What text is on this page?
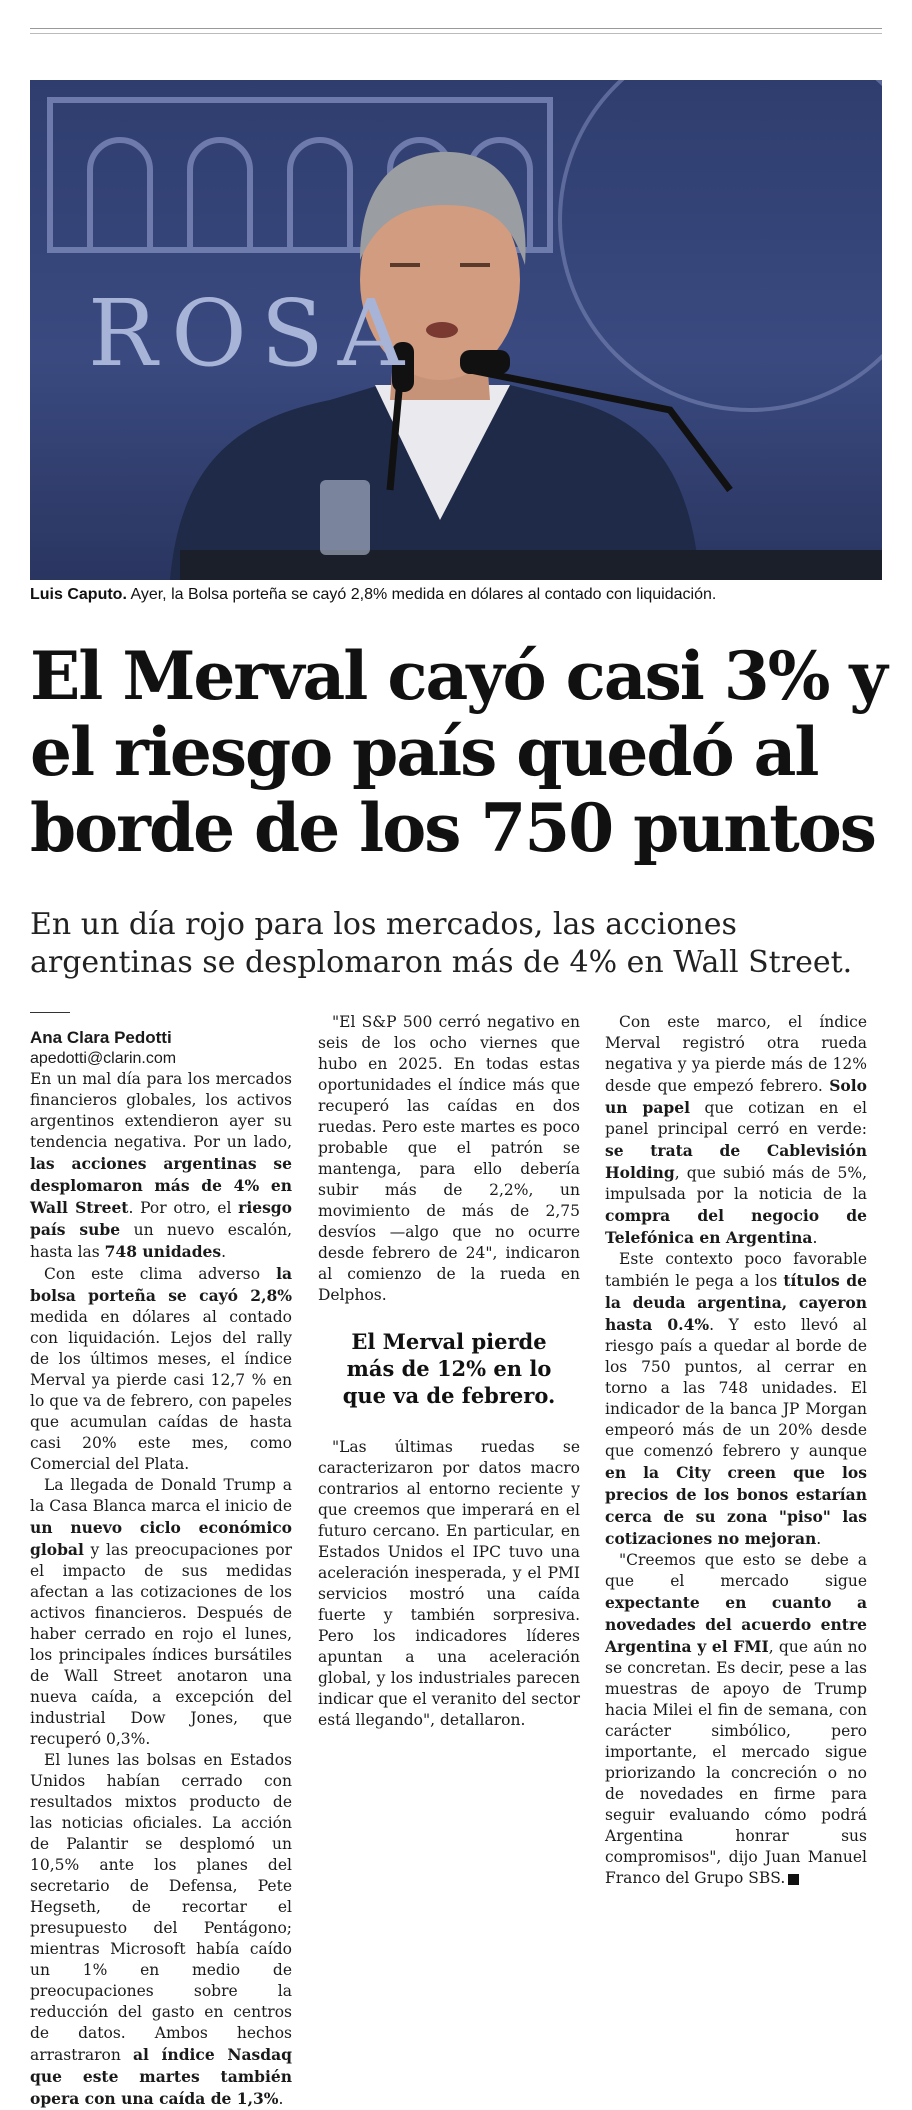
ROSA
Luis Caputo. Ayer, la Bolsa porteña se cayó 2,8% medida en dólares al contado con liquidación.
El Merval cayó casi 3% y el riesgo país quedó al borde de los 750 puntos

En un día rojo para los mercados, las acciones argentinas se desplomaron más de 4% en Wall Street.

Ana Clara Pedotti

apedotti@clarin.com

En un mal día para los mercados financieros globales, los activos argentinos extendieron ayer su tendencia negativa. Por un lado, las acciones argentinas se desplomaron más de 4% en Wall Street. Por otro, el riesgo país sube un nuevo escalón, hasta las 748 unidades.

Con este clima adverso la bolsa porteña se cayó 2,8% medida en dólares al contado con liquidación. Lejos del rally de los últimos meses, el índice Merval ya pierde casi 12,7 % en lo que va de febrero, con papeles que acumulan caídas de hasta casi 20% este mes, como Comercial del Plata.

La llegada de Donald Trump a la Casa Blanca marca el inicio de un nuevo ciclo económico global y las preocupaciones por el impacto de sus medidas afectan a las cotizaciones de los activos financieros. Después de haber cerrado en rojo el lunes, los principales índices bursátiles de Wall Street anotaron una nueva caída, a excepción del industrial Dow Jones, que recuperó 0,3%.

El lunes las bolsas en Estados Unidos habían cerrado con resultados mixtos producto de las noticias oficiales. La acción de Palantir se desplomó un 10,5% ante los planes del secretario de Defensa, Pete Hegseth, de recortar el presupuesto del Pentágono; mientras Microsoft había caído un 1% en medio de preocupaciones sobre la reducción del gasto en centros de datos. Ambos hechos arrastraron al índice Nasdaq que este martes también opera con una caída de 1,3%.

"El S&P 500 cerró negativo en seis de los ocho viernes que hubo en 2025. En todas estas oportunidades el índice más que recuperó las caídas en dos ruedas. Pero este martes es poco probable que el patrón se mantenga, para ello debería subir más de 2,2%, un movimiento de más de 2,75 desvíos —algo que no ocurre desde febrero de 24", indicaron al comienzo de la rueda en Delphos.

El Merval pierde más de 12% en lo que va de febrero.

"Las últimas ruedas se caracterizaron por datos macro contrarios al entorno reciente y que creemos que imperará en el futuro cercano. En particular, en Estados Unidos el IPC tuvo una aceleración inesperada, y el PMI servicios mostró una caída fuerte y también sorpresiva. Pero los indicadores líderes apuntan a una aceleración global, y los industriales parecen indicar que el veranito del sector está llegando", detallaron.

Con este marco, el índice Merval registró otra rueda negativa y ya pierde más de 12% desde que empezó febrero. Solo un papel que cotizan en el panel principal cerró en verde: se trata de Cablevisión Holding, que subió más de 5%, impulsada por la noticia de la compra del negocio de Telefónica en Argentina.

Este contexto poco favorable también le pega a los títulos de la deuda argentina, cayeron hasta 0.4%. Y esto llevó al riesgo país a quedar al borde de los 750 puntos, al cerrar en torno a las 748 unidades. El indicador de la banca JP Morgan empeoró más de un 20% desde que comenzó febrero y aunque en la City creen que los precios de los bonos estarían cerca de su zona "piso" las cotizaciones no mejoran.

"Creemos que esto se debe a que el mercado sigue expectante en cuanto a novedades del acuerdo entre Argentina y el FMI, que aún no se concretan. Es decir, pese a las muestras de apoyo de Trump hacia Milei el fin de semana, con carácter simbólico, pero importante, el mercado sigue priorizando la concreción o no de novedades en firme para seguir evaluando cómo podrá Argentina honrar sus compromisos", dijo Juan Manuel Franco del Grupo SBS.
